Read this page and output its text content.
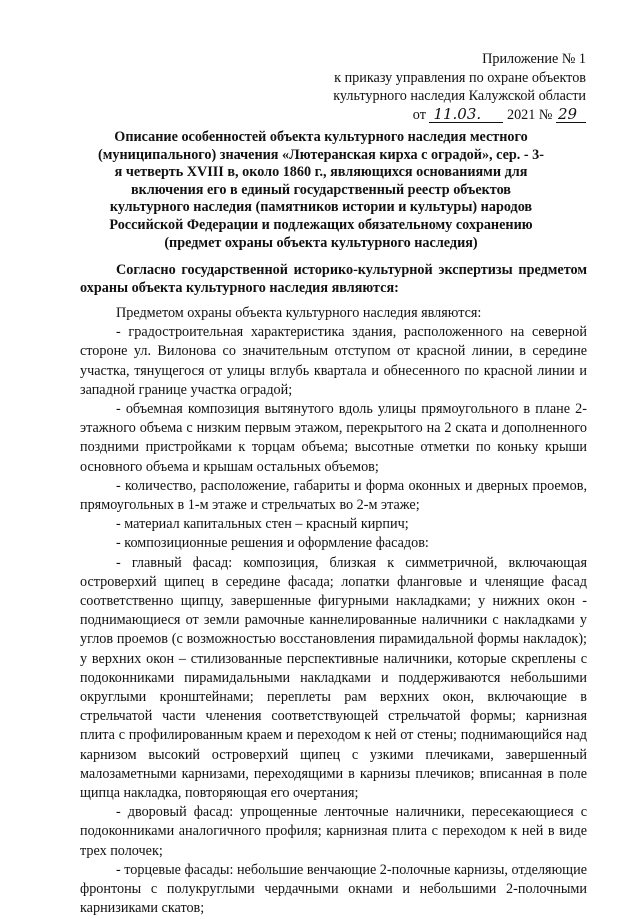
Приложение № 1
к приказу управления по охране объектов
культурного наследия Калужской области
от 11.03. 2021 № 29
Описание особенностей объекта культурного наследия местного (муниципального) значения «Лютеранская кирха с оградой», сер. - 3-я четверть XVIII в, около 1860 г., являющихся основаниями для включения его в единый государственный реестр объектов культурного наследия (памятников истории и культуры) народов Российской Федерации и подлежащих обязательному сохранению (предмет охраны объекта культурного наследия)
Согласно государственной историко-культурной экспертизы предметом охраны объекта культурного наследия являются:

Предметом охраны объекта культурного наследия являются:

- градостроительная характеристика здания, расположенного на северной стороне ул. Вилонова со значительным отступом от красной линии, в середине участка, тянущегося от улицы вглубь квартала и обнесенного по красной линии и западной границе участка оградой;

- объемная композиция вытянутого вдоль улицы прямоугольного в плане 2-этажного объема с низким первым этажом, перекрытого на 2 ската и дополненного поздними пристройками к торцам объема; высотные отметки по коньку крыши основного объема и крышам остальных объемов;

- количество, расположение, габариты и форма оконных и дверных проемов, прямоугольных в 1-м этаже и стрельчатых во 2-м этаже;

- материал капитальных стен – красный кирпич;

- композиционные решения и оформление фасадов:

- главный фасад: композиция, близкая к симметричной, включающая островерхий щипец в середине фасада; лопатки фланговые и членящие фасад соответственно щипцу, завершенные фигурными накладками; у нижних окон - поднимающиеся от земли рамочные каннелированные наличники с накладками у углов проемов (с возможностью восстановления пирамидальной формы накладок); у верхних окон – стилизованные перспективные наличники, которые скреплены с подоконниками пирамидальными накладками и поддерживаются небольшими округлыми кронштейнами; переплеты рам верхних окон, включающие в стрельчатой части членения соответствующей стрельчатой формы; карнизная плита с профилированным краем и переходом к ней от стены; поднимающийся над карнизом высокий островерхий щипец с узкими плечиками, завершенный малозаметными карнизами, переходящими в карнизы плечиков; вписанная в поле щипца накладка, повторяющая его очертания;

- дворовый фасад: упрощенные ленточные наличники, пересекающиеся с подоконниками аналогичного профиля; карнизная плита с переходом к ней в виде трех полочек;

- торцевые фасады: небольшие венчающие 2-полочные карнизы, отделяющие фронтоны с полукруглыми чердачными окнами и небольшими 2-полочными карнизиками скатов;
